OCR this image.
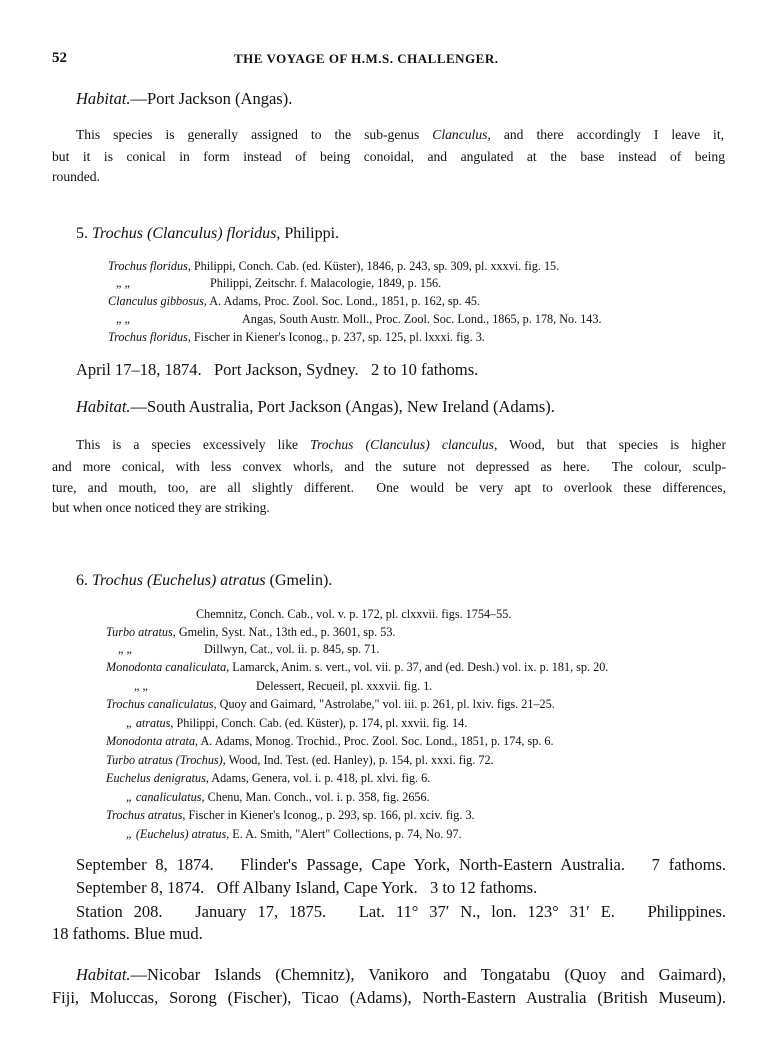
52	THE VOYAGE OF H.M.S. CHALLENGER.
Habitat.—Port Jackson (Angas).
This species is generally assigned to the sub-genus Clanculus, and there accordingly I leave it,
but it is conical in form instead of being conoidal, and angulated at the base instead of being
rounded.
5. Trochus (Clanculus) floridus, Philippi.
Trochus floridus, Philippi, Conch. Cab. (ed. Küster), 1846, p. 243, sp. 309, pl. xxxvi. fig. 15.
„ „	Philippi, Zeitschr. f. Malacologie, 1849, p. 156.
Clanculus gibbosus, A. Adams, Proc. Zool. Soc. Lond., 1851, p. 162, sp. 45.
„ „	Angas, South Austr. Moll., Proc. Zool. Soc. Lond., 1865, p. 178, No. 143.
Trochus floridus, Fischer in Kiener's Iconog., p. 237, sp. 125, pl. lxxxi. fig. 3.
April 17–18, 1874.   Port Jackson, Sydney.   2 to 10 fathoms.
Habitat.—South Australia, Port Jackson (Angas), New Ireland (Adams).
This is a species excessively like Trochus (Clanculus) clanculus, Wood, but that species is higher
and more conical, with less convex whorls, and the suture not depressed as here.  The colour, sculp-
ture, and mouth, too, are all slightly different.  One would be very apt to overlook these differences,
but when once noticed they are striking.
6. Trochus (Euchelus) atratus (Gmelin).
Chemnitz, Conch. Cab., vol. v. p. 172, pl. clxxvii. figs. 1754–55.
Turbo atratus, Gmelin, Syst. Nat., 13th ed., p. 3601, sp. 53.
„ „	Dillwyn, Cat., vol. ii. p. 845, sp. 71.
Monodonta canaliculata, Lamarck, Anim. s. vert., vol. vii. p. 37, and (ed. Desh.) vol. ix. p. 181, sp. 20.
„ „	Delessert, Recueil, pl. xxxvii. fig. 1.
Trochus canaliculatus, Quoy and Gaimard, "Astrolabe," vol. iii. p. 261, pl. lxiv. figs. 21–25.
„ atratus, Philippi, Conch. Cab. (ed. Küster), p. 174, pl. xxvii. fig. 14.
Monodonta atrata, A. Adams, Monog. Trochid., Proc. Zool. Soc. Lond., 1851, p. 174, sp. 6.
Turbo atratus (Trochus), Wood, Ind. Test. (ed. Hanley), p. 154, pl. xxxi. fig. 72.
Euchelus denigratus, Adams, Genera, vol. i. p. 418, pl. xlvi. fig. 6.
„ canaliculatus, Chenu, Man. Conch., vol. i. p. 358, fig. 2656.
Trochus atratus, Fischer in Kiener's Iconog., p. 293, sp. 166, pl. xciv. fig. 3.
„ (Euchelus) atratus, E. A. Smith, "Alert" Collections, p. 74, No. 97.
September 8, 1874.   Flinder's Passage, Cape York, North-Eastern Australia.   7 fathoms.
September 8, 1874.   Off Albany Island, Cape York.   3 to 12 fathoms.
Station 208.   January 17, 1875.   Lat. 11° 37′ N., lon. 123° 31′ E.   Philippines.
18 fathoms. Blue mud.
Habitat.—Nicobar Islands (Chemnitz), Vanikoro and Tongatabu (Quoy and Gaimard),
Fiji, Moluccas, Sorong (Fischer), Ticao (Adams), North-Eastern Australia (British Museum).
